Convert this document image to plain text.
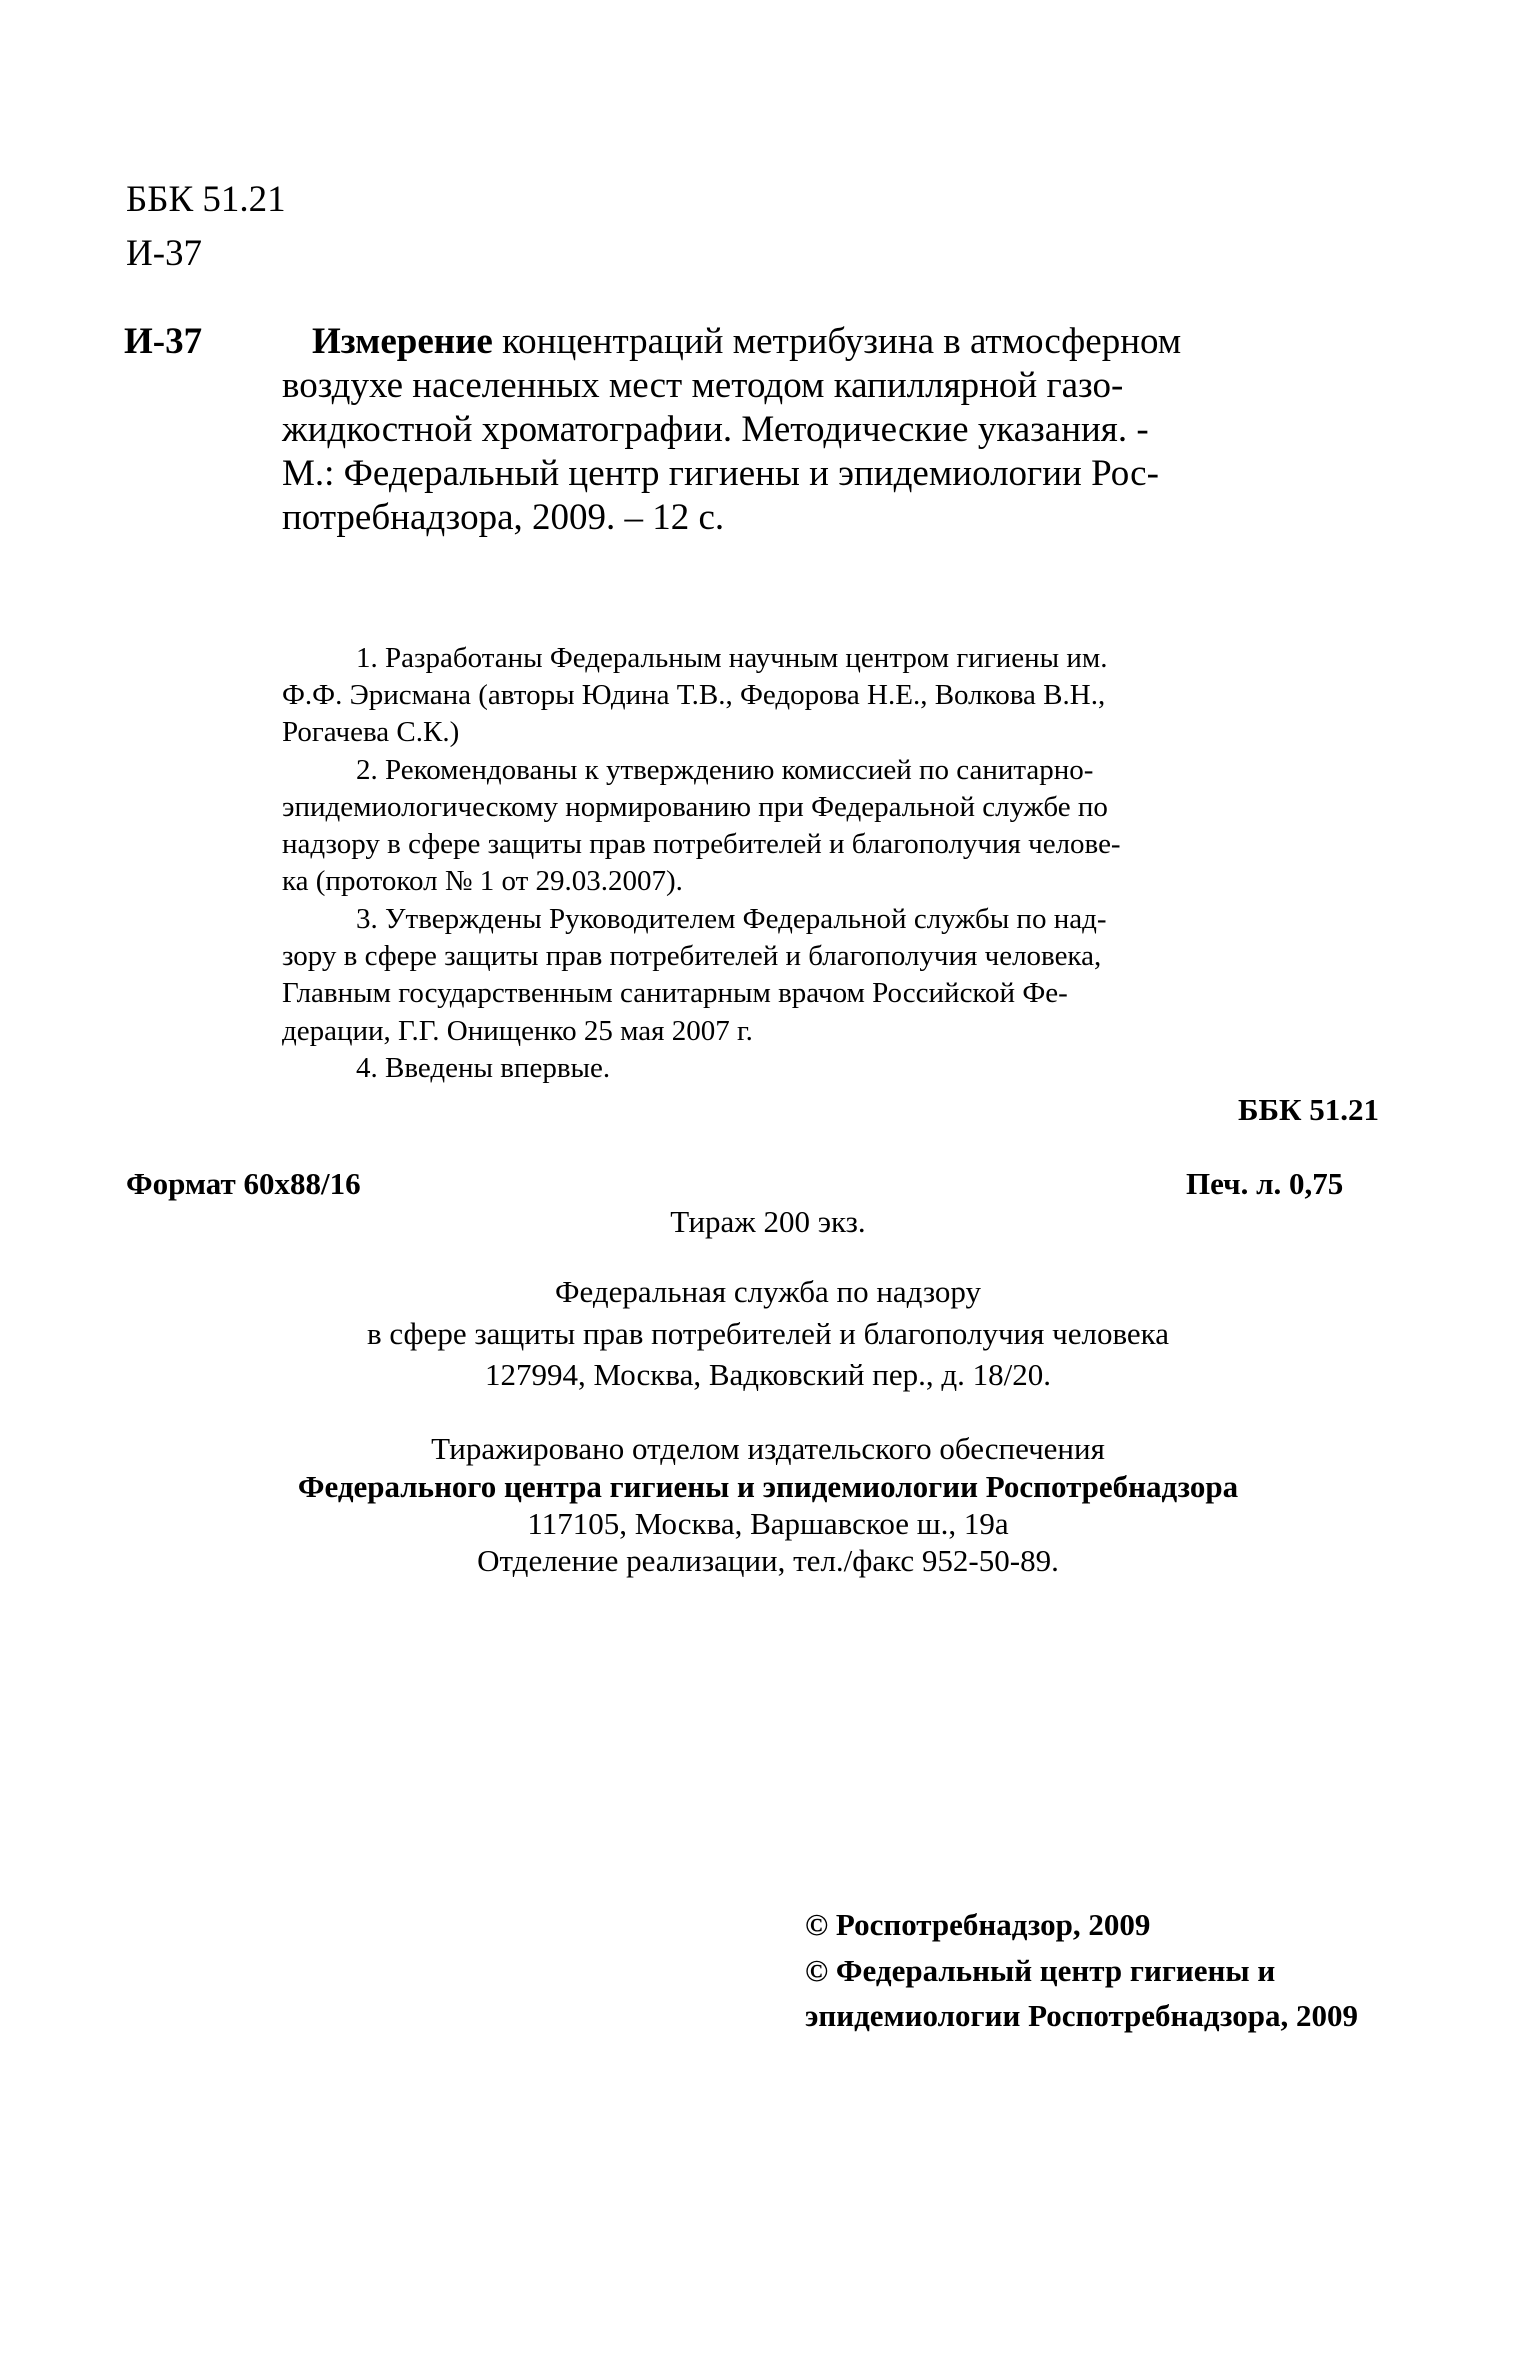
ББК 51.21
И-37
И-37	Измерение концентраций метрибузина в атмосферном
воздухе населенных мест методом капиллярной газо-
жидкостной хроматографии. Методические указания. -
М.: Федеральный центр гигиены и эпидемиологии Рос-
потребнадзора, 2009. – 12 с.
1. Разработаны Федеральным научным центром гигиены им.
Ф.Ф. Эрисмана (авторы Юдина Т.В., Федорова Н.Е., Волкова В.Н.,
Рогачева С.К.)
2. Рекомендованы к утверждению комиссией по санитарно-
эпидемиологическому нормированию при Федеральной службе по
надзору в сфере защиты прав потребителей и благополучия челове-
ка (протокол № 1 от 29.03.2007).
3. Утверждены Руководителем Федеральной службы по над-
зору в сфере защиты прав потребителей и благополучия человека,
Главным государственным санитарным врачом Российской Фе-
дерации, Г.Г. Онищенко 25 мая 2007 г.
4. Введены впервые.
ББК 51.21
Формат 60x88/16	Печ. л. 0,75
Тираж 200 экз.
Федеральная служба по надзору
в сфере защиты прав потребителей и благополучия человека
127994, Москва, Вадковский пер., д. 18/20.
Тиражировано отделом издательского обеспечения
Федерального центра гигиены и эпидемиологии Роспотребнадзора
117105, Москва, Варшавское ш., 19а
Отделение реализации, тел./факс 952-50-89.
© Роспотребнадзор, 2009
© Федеральный центр гигиены и
эпидемиологии Роспотребнадзора, 2009
